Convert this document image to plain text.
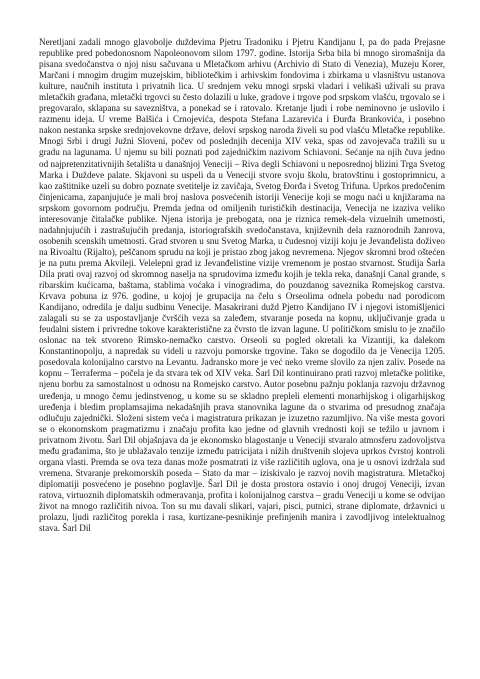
Neretljani zadali mnogo glavobolje duždevima Pjetru Tradoniku i Pjetru Kandijanu I, pa do pada Prejasne republike pred pobedonosnom Napoleonovom silom 1797. godine. Istorija Srba bila bi mnogo siromašnija da pisana svedočanstva o njoj nisu sačuvana u Mletačkom arhivu (Archivio di Stato di Venezia), Muzeju Korer, Marčani i mnogim drugim muzejskim, bibliotečkim i arhivskim fondovima i zbirkama u vlasništvu ustanova kulture, naučnih instituta i privatnih lica. U srednjem veku mnogi srpski vladari i velikaši uživali su prava mletačkih građana, mletački trgovci su često dolazili u luke, gradove i trgove pod srpskom vlašću, trgovalo se i pregovaralo, sklapana su savezništva, a ponekad se i ratovalo. Kretanje ljudi i robe neminovno je uslovilo i razmenu ideja. U vreme Balšića i Crnojevića, despota Stefana Lazarevića i Đurđa Brankovića, i posebno nakon nestanka srpske srednjovekovne države, delovi srpskog naroda živeli su pod vlašću Mletačke republike. Mnogi Srbi i drugi Južni Sloveni, počev od poslednjih decenija XIV veka, spas od zavojevača tražili su u gradu na lagunama. U njemu su bili poznati pod zajedničkim nazivom Schiavoni. Sećanje na njih čuva jedno od najpretenzitativnijih šetališta u današnjoj Veneciji – Riva degli Schiavoni u neposrednoj blizini Trga Svetog Marka i Duždeve palate. Skjavoni su uspeli da u Veneciji stvore svoju školu, bratovštinu i gostoprimnicu, a kao zaštitnike uzeli su dobro poznate svetitelje iz zavičaja, Svetog Đorđa i Svetog Trifuna. Uprkos predočenim činjenicama, zapanjujuće je mali broj naslova posvećenih istoriji Venecije koji se mogu naći u knjižarama na srpskom govornom području. Premda jedna od omiljenih turističkih destinacija, Venecija ne izaziva veliko interesovanje čitalačke publike. Njena istorija je prebogata, ona je riznica remek-dela vizuelnih umetnosti, nadahnjujućih i zastrašujućih predanja, istoriografskih svedočanstava, književnih dela raznorodnih žanrova, osobenih scenskih umetnosti. Grad stvoren u snu Svetog Marka, u čudesnoj viziji koju je Jevanđelista doživeo na Rivoaltu (Rijalto), peščanom sprudu na koji je pristao zbog jakog nevremena. Njegov skromni brod oštećen je na putu prema Akvileji. Velelepni grad iz Jevanđelistine vizije vremenom je postao stvarnost. Studija Šarla Dila prati ovaj razvoj od skromnog naselja na sprudovima između kojih je tekla reka, današnji Canal grande, s ribarskim kućicama, baštama, stablima voćaka i vinogradima, do pouzdanog saveznika Romejskog carstva. Krvava pobuna iz 976. godine, u kojoj je grupacija na čelu s Orseolima odnela pobedu nad porodicom Kandijano, odredila je dalju sudbinu Venecije. Masakrirani dužd Pjetro Kandijano IV i njegovi istomišljenici zalagali su se za uspostavljanje čvršćih veza sa zaleđem, stvaranje poseda na kopnu, uključivanje grada u feudalni sistem i privredne tokove karakteristične za čvrsto tle izvan lagune. U političkom smislu to je značilo oslonac na tek stvoreno Rimsko-nemačko carstvo. Orseoli su pogled okretali ka Vizantiji, ka dalekom Konstantinopolju, a napredak su videli u razvoju pomorske trgovine. Tako se dogodilo da je Venecija 1205. posedovala kolonijalno carstvo na Levantu. Jadransko more je već neko vreme slovilo za njen zaliv. Posede na kopnu – Terraferma – počela je da stvara tek od XIV veka. Šarl Dil kontinuirano prati razvoj mletačke politike, njenu borbu za samostalnost u odnosu na Romejsko carstvo. Autor posebnu pažnju poklanja razvoju državnog uređenja, u mnogo čemu jedinstvenog, u kome su se skladno prepleli elementi monarhijskog i oligarhijskog uređenja i bledim proplamsajima nekadašnjih prava stanovnika lagune da o stvarima od presudnog značaja odlučuju zajednički. Složeni sistem veća i magistratura prikazan je izuzetno razumljivo. Na više mesta govori se o ekonomskom pragmatizmu i značaju profita kao jedne od glavnih vrednosti koji se težilo u javnom i privatnom životu. Šarl Dil objašnjava da je ekonomsko blagostanje u Veneciji stvaralo atmosferu zadovoljstva među građanima, što je ublažavalo tenzije između patricijata i nižih društvenih slojeva uprkos čvrstoj kontroli organa vlasti. Premda se ova teza danas može posmatrati iz više različitih uglova, ona je u osnovi izdržala sud vremena. Stvaranje prekomorskih poseda – Stato da mar – iziskivalo je razvoj novih magistratura. Mletačkoj diplomatiji posvećeno je posebno poglavlje. Šarl Dil je dosta prostora ostavio i onoj drugoj Veneciji, izvan ratova, virtuoznih diplomatskih odmeravanja, profita i kolonijalnog carstva – gradu Veneciji u kome se odvijao život na mnogo različitih nivoa. Ton su mu davali slikari, vajari, pisci, putnici, strane diplomate, državnici u prolazu, ljudi različitog porekla i rasa, kurtizane-pesnikinje prefinjenih manira i zavodljivog intelektualnog stava. Šarl Dil
